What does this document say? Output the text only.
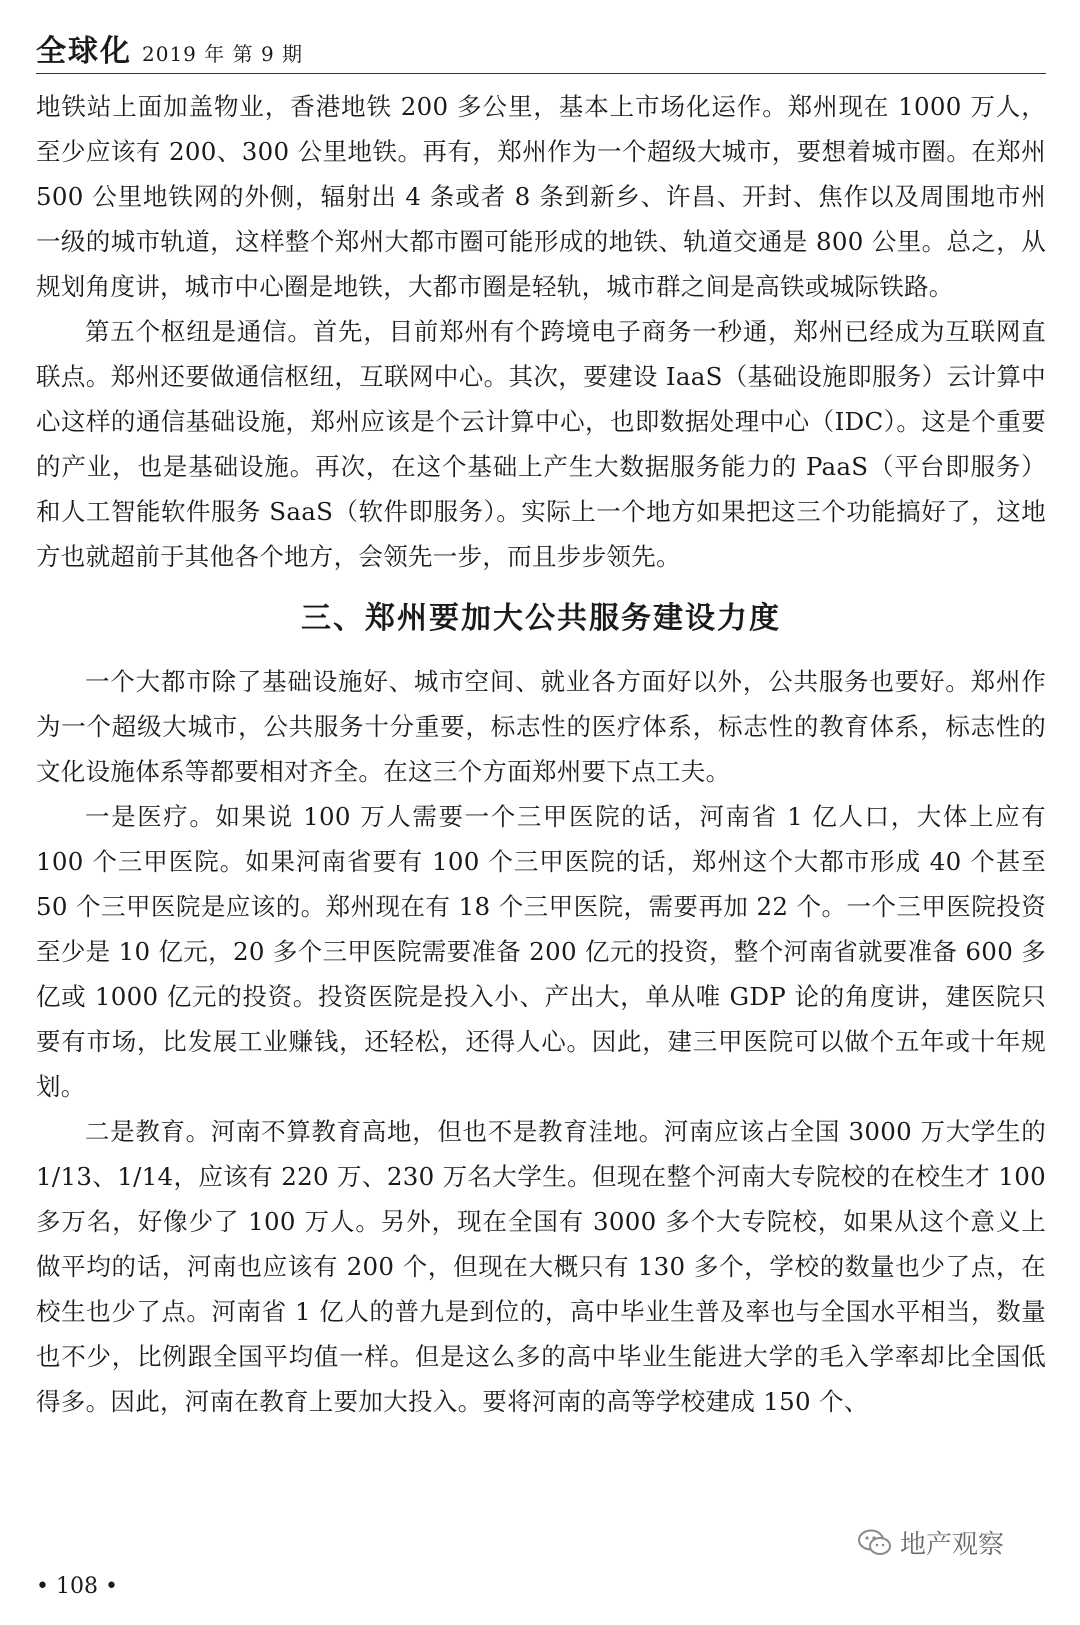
全球化 2019 年 第 9 期

地铁站上面加盖物业，香港地铁 200 多公里，基本上市场化运作。郑州现在 1000 万人，至少应该有 200、300 公里地铁。再有，郑州作为一个超级大城市，要想着城市圈。在郑州 500 公里地铁网的外侧，辐射出 4 条或者 8 条到新乡、许昌、开封、焦作以及周围地市州一级的城市轨道，这样整个郑州大都市圈可能形成的地铁、轨道交通是 800 公里。总之，从规划角度讲，城市中心圈是地铁，大都市圈是轻轨，城市群之间是高铁或城际铁路。

第五个枢纽是通信。首先，目前郑州有个跨境电子商务一秒通，郑州已经成为互联网直联点。郑州还要做通信枢纽，互联网中心。其次，要建设 IaaS（基础设施即服务）云计算中心这样的通信基础设施，郑州应该是个云计算中心，也即数据处理中心（IDC）。这是个重要的产业，也是基础设施。再次，在这个基础上产生大数据服务能力的 PaaS（平台即服务）和人工智能软件服务 SaaS（软件即服务）。实际上一个地方如果把这三个功能搞好了，这地方也就超前于其他各个地方，会领先一步，而且步步领先。

三、郑州要加大公共服务建设力度

一个大都市除了基础设施好、城市空间、就业各方面好以外，公共服务也要好。郑州作为一个超级大城市，公共服务十分重要，标志性的医疗体系，标志性的教育体系，标志性的文化设施体系等都要相对齐全。在这三个方面郑州要下点工夫。

一是医疗。如果说 100 万人需要一个三甲医院的话，河南省 1 亿人口，大体上应有 100 个三甲医院。如果河南省要有 100 个三甲医院的话，郑州这个大都市形成 40 个甚至 50 个三甲医院是应该的。郑州现在有 18 个三甲医院，需要再加 22 个。一个三甲医院投资至少是 10 亿元，20 多个三甲医院需要准备 200 亿元的投资，整个河南省就要准备 600 多亿或 1000 亿元的投资。投资医院是投入小、产出大，单从唯 GDP 论的角度讲，建医院只要有市场，比发展工业赚钱，还轻松，还得人心。因此，建三甲医院可以做个五年或十年规划。

二是教育。河南不算教育高地，但也不是教育洼地。河南应该占全国 3000 万大学生的 1/13、1/14，应该有 220 万、230 万名大学生。但现在整个河南大专院校的在校生才 100 多万名，好像少了 100 万人。另外，现在全国有 3000 多个大专院校，如果从这个意义上做平均的话，河南也应该有 200 个，但现在大概只有 130 多个，学校的数量也少了点，在校生也少了点。河南省 1 亿人的普九是到位的，高中毕业生普及率也与全国水平相当，数量也不少，比例跟全国平均值一样。但是这么多的高中毕业生能进大学的毛入学率却比全国低得多。因此，河南在教育上要加大投入。要将河南的高等学校建成 150 个、

地产观察
• 108 •
